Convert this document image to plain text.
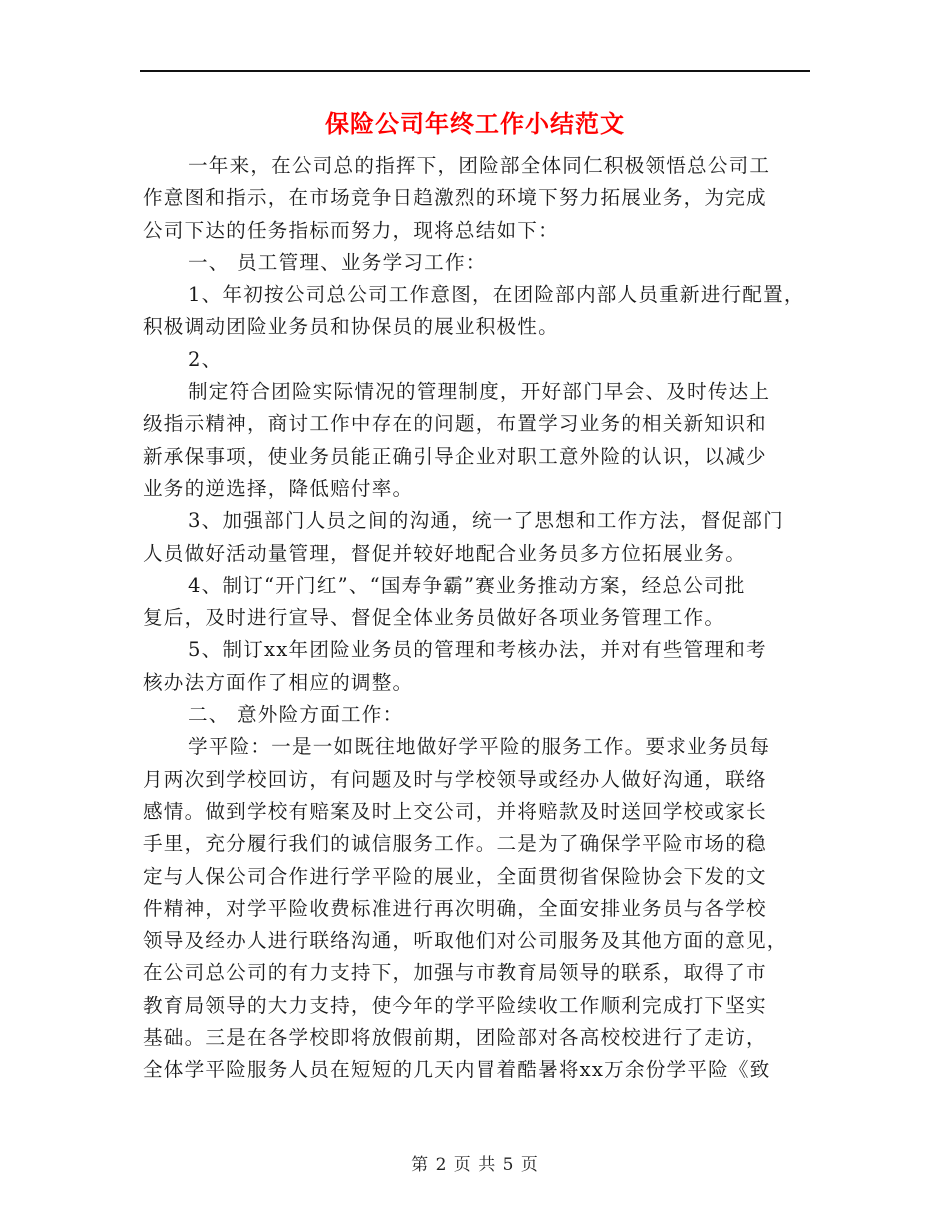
保险公司年终工作小结范文
一年来，在公司总的指挥下，团险部全体同仁积极领悟总公司工
作意图和指示，在市场竞争日趋激烈的环境下努力拓展业务，为完成
公司下达的任务指标而努力，现将总结如下：
一、 员工管理、业务学习工作：
1、年初按公司总公司工作意图，在团险部内部人员重新进行配置，
积极调动团险业务员和协保员的展业积极性。
2、
制定符合团险实际情况的管理制度，开好部门早会、及时传达上
级指示精神，商讨工作中存在的问题，布置学习业务的相关新知识和
新承保事项，使业务员能正确引导企业对职工意外险的认识，以减少
业务的逆选择，降低赔付率。
3、加强部门人员之间的沟通，统一了思想和工作方法，督促部门
人员做好活动量管理，督促并较好地配合业务员多方位拓展业务。
4、制订“开门红”、“国寿争霸”赛业务推动方案，经总公司批
复后，及时进行宣导、督促全体业务员做好各项业务管理工作。
5、制订xx年团险业务员的管理和考核办法，并对有些管理和考
核办法方面作了相应的调整。
二、 意外险方面工作：
学平险：一是一如既往地做好学平险的服务工作。要求业务员每
月两次到学校回访，有问题及时与学校领导或经办人做好沟通，联络
感情。做到学校有赔案及时上交公司，并将赔款及时送回学校或家长
手里，充分履行我们的诚信服务工作。二是为了确保学平险市场的稳
定与人保公司合作进行学平险的展业，全面贯彻省保险协会下发的文
件精神，对学平险收费标准进行再次明确，全面安排业务员与各学校
领导及经办人进行联络沟通，听取他们对公司服务及其他方面的意见，
在公司总公司的有力支持下，加强与市教育局领导的联系，取得了市
教育局领导的大力支持，使今年的学平险续收工作顺利完成打下坚实
基础。三是在各学校即将放假前期，团险部对各高校校进行了走访，
全体学平险服务人员在短短的几天内冒着酷暑将xx万余份学平险《致
第 2 页 共 5 页
